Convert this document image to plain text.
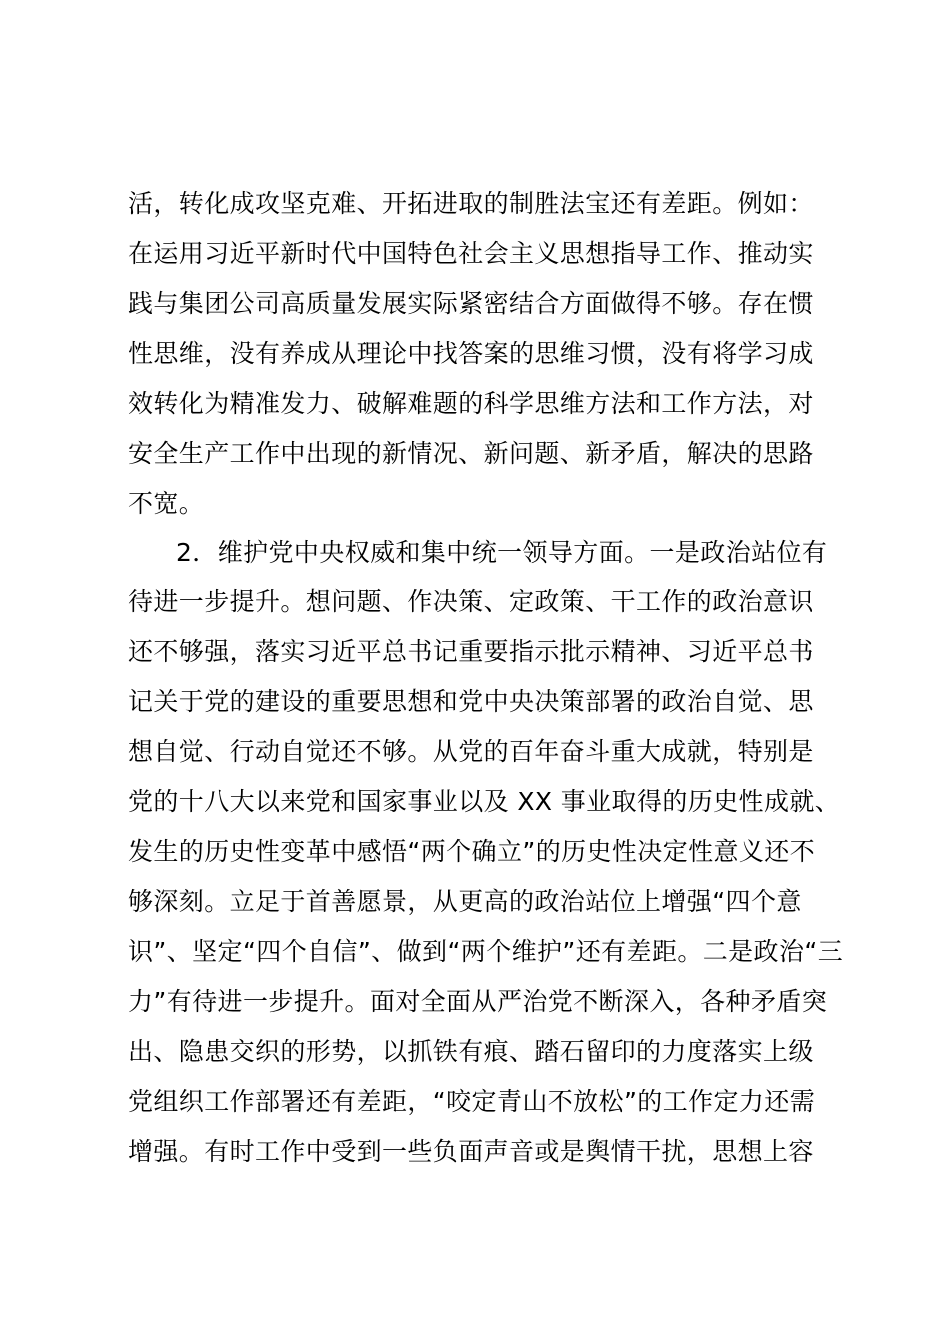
活，转化成攻坚克难、开拓进取的制胜法宝还有差距。例如：

在运用习近平新时代中国特色社会主义思想指导工作、推动实

践与集团公司高质量发展实际紧密结合方面做得不够。存在惯

性思维，没有养成从理论中找答案的思维习惯，没有将学习成

效转化为精准发力、破解难题的科学思维方法和工作方法，对

安全生产工作中出现的新情况、新问题、新矛盾，解决的思路

不宽。

2．维护党中央权威和集中统一领导方面。一是政治站位有

待进一步提升。想问题、作决策、定政策、干工作的政治意识

还不够强，落实习近平总书记重要指示批示精神、习近平总书

记关于党的建设的重要思想和党中央决策部署的政治自觉、思

想自觉、行动自觉还不够。从党的百年奋斗重大成就，特别是

党的十八大以来党和国家事业以及 XX 事业取得的历史性成就、

发生的历史性变革中感悟“两个确立”的历史性决定性意义还不

够深刻。立足于首善愿景，从更高的政治站位上增强“四个意

识”、坚定“四个自信”、做到“两个维护”还有差距。二是政治“三

力”有待进一步提升。面对全面从严治党不断深入，各种矛盾突

出、隐患交织的形势，以抓铁有痕、踏石留印的力度落实上级

党组织工作部署还有差距，“咬定青山不放松”的工作定力还需

增强。有时工作中受到一些负面声音或是舆情干扰，思想上容
